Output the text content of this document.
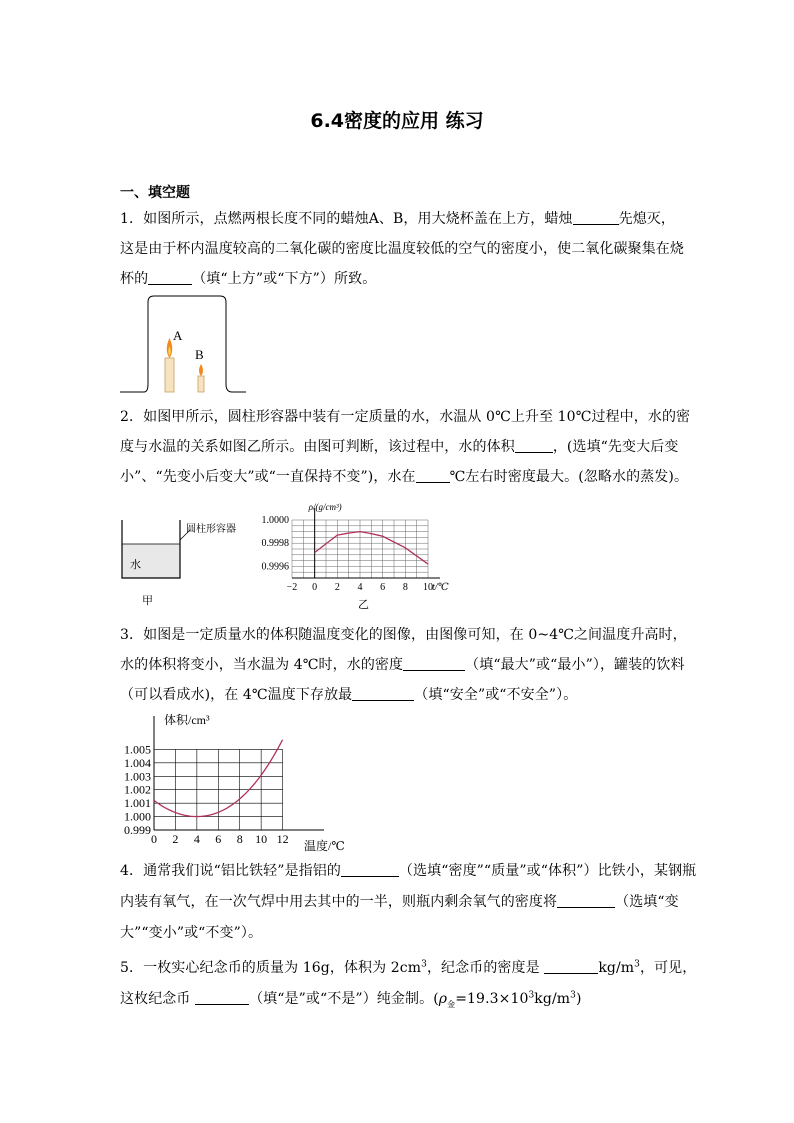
6.4密度的应用 练习
一、填空题
1．如图所示，点燃两根长度不同的蜡烛A、B，用大烧杯盖在上方，蜡烛	先熄灭，
这是由于杯内温度较高的二氧化碳的密度比温度较低的空气的密度小，使二氧化碳聚集在烧
杯的	（填“上方”或“下方”）所致。
A
B
2．如图甲所示，圆柱形容器中装有一定质量的水，水温从 0℃上升至 10℃过程中，水的密
度与水温的关系如图乙所示。由图可判断，该过程中，水的体积	，(选填“先变大后变
小”、“先变小后变大”或“一直保持不变”)，水在 ℃左右时密度最大。(忽略水的蒸发)。
圆柱形容器
水
甲
ρ/(g/cm³)
t/℃
−2 0 2 4 6 8 10
0.9996
0.9998
1.0000
乙
3．如图是一定质量水的体积随温度变化的图像，由图像可知，在 0~4℃之间温度升高时，
水的体积将变小，当水温为 4℃时，水的密度	（填“最大”或“最小”），罐装的饮料
（可以看成水)，在 4℃温度下存放最	（填“安全”或“不安全”）。
体积/cm³
温度/℃
0 2 4 6 8 10 12
0.999
1.000
1.001
1.002
1.003
1.004
1.005
4．通常我们说“铝比铁轻”是指铝的	（选填“密度”“质量”或“体积”）比铁小，某钢瓶
内装有氧气，在一次气焊中用去其中的一半，则瓶内剩余氧气的密度将	（选填“变
大”“变小”或“不变”）。
5．一枚实心纪念币的质量为 16g，体积为 $2cm^3$，纪念币的密度是	$kg/m^3$，可见，
这枚纪念币	（填“是”或“不是”）纯金制。$(\rho_金=19.3\times 10^3kg/m^3)$
